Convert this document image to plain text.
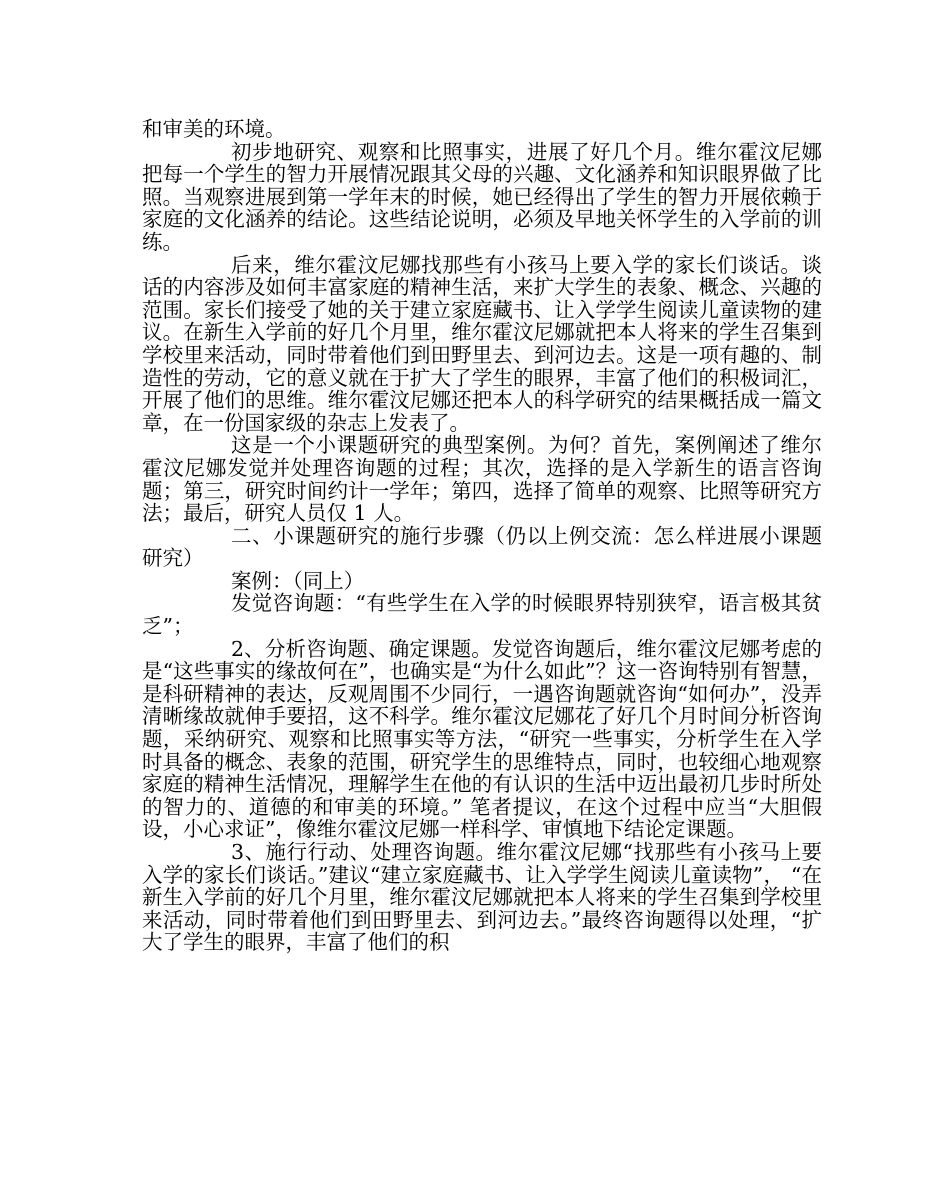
和审美的环境。

初步地研究、观察和比照事实，进展了好几个月。维尔霍汶尼娜把每一个学生的智力开展情况跟其父母的兴趣、文化涵养和知识眼界做了比照。当观察进展到第一学年末的时候，她已经得出了学生的智力开展依赖于家庭的文化涵养的结论。这些结论说明，必须及早地关怀学生的入学前的训练。

后来，维尔霍汶尼娜找那些有小孩马上要入学的家长们谈话。谈话的内容涉及如何丰富家庭的精神生活，来扩大学生的表象、概念、兴趣的范围。家长们接受了她的关于建立家庭藏书、让入学学生阅读儿童读物的建议。在新生入学前的好几个月里，维尔霍汶尼娜就把本人将来的学生召集到学校里来活动，同时带着他们到田野里去、到河边去。这是一项有趣的、制造性的劳动，它的意义就在于扩大了学生的眼界，丰富了他们的积极词汇，开展了他们的思维。维尔霍汶尼娜还把本人的科学研究的结果概括成一篇文章，在一份国家级的杂志上发表了。

这是一个小课题研究的典型案例。为何？首先，案例阐述了维尔霍汶尼娜发觉并处理咨询题的过程；其次，选择的是入学新生的语言咨询题；第三，研究时间约计一学年；第四，选择了简单的观察、比照等研究方法；最后，研究人员仅 1 人。

二、小课题研究的施行步骤（仍以上例交流：怎么样进展小课题研究）

案例：（同上）

发觉咨询题：“有些学生在入学的时候眼界特别狭窄，语言极其贫乏”；

2、分析咨询题、确定课题。发觉咨询题后，维尔霍汶尼娜考虑的是“这些事实的缘故何在”，也确实是“为什么如此”？这一咨询特别有智慧，是科研精神的表达，反观周围不少同行，一遇咨询题就咨询“如何办”，没弄清晰缘故就伸手要招，这不科学。维尔霍汶尼娜花了好几个月时间分析咨询题，采纳研究、观察和比照事实等方法，“研究一些事实，分析学生在入学时具备的概念、表象的范围，研究学生的思维特点，同时，也较细心地观察家庭的精神生活情况，理解学生在他的有认识的生活中迈出最初几步时所处的智力的、道德的和审美的环境。” 笔者提议，在这个过程中应当“大胆假设，小心求证”，像维尔霍汶尼娜一样科学、审慎地下结论定课题。

3、施行行动、处理咨询题。维尔霍汶尼娜“找那些有小孩马上要入学的家长们谈话。”建议“建立家庭藏书、让入学学生阅读儿童读物”， “在新生入学前的好几个月里，维尔霍汶尼娜就把本人将来的学生召集到学校里来活动，同时带着他们到田野里去、到河边去。”最终咨询题得以处理，“扩大了学生的眼界，丰富了他们的积
